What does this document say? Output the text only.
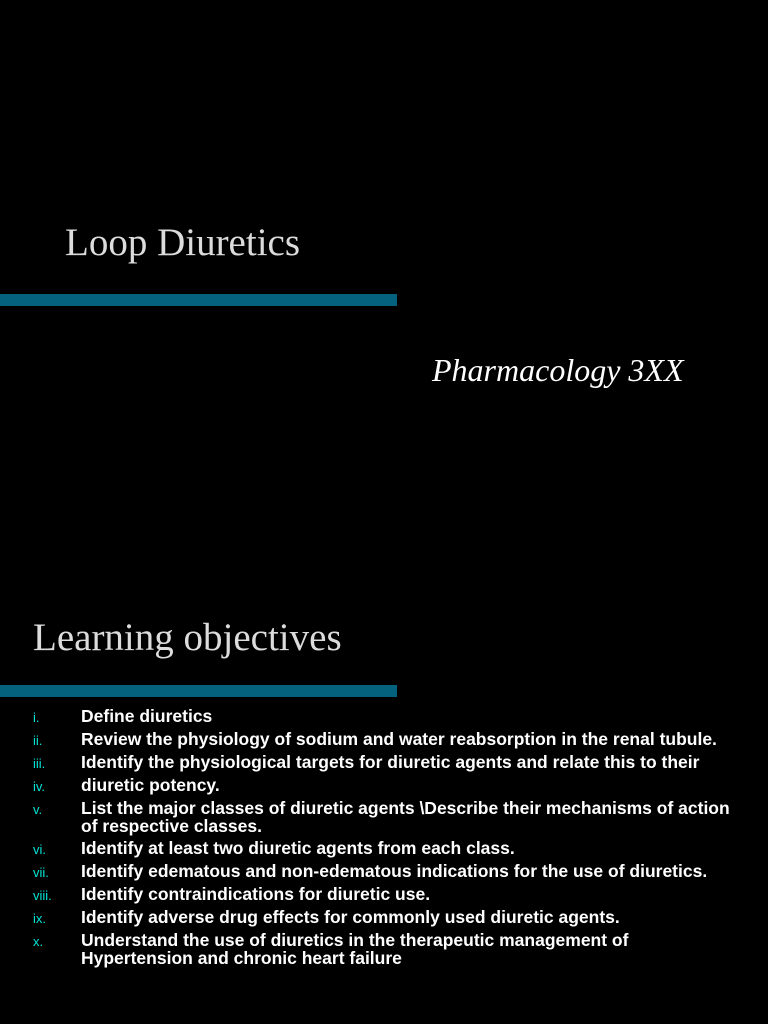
Loop Diuretics
Pharmacology 3XX
Learning objectives
i.	Define diuretics
ii.	Review the physiology of sodium and water reabsorption in the renal tubule.
iii.	Identify the physiological targets for diuretic agents and relate this to their
iv.	diuretic potency.
v.	List the major classes of diuretic agents \Describe their mechanisms of action of respective classes.
vi.	Identify at least two diuretic agents from each class.
vii.	Identify edematous and non-edematous indications for the use of diuretics.
viii.	Identify contraindications for diuretic use.
ix.	Identify adverse drug effects for commonly used diuretic agents.
x.	Understand the use of diuretics in the therapeutic management of Hypertension and chronic heart failure
